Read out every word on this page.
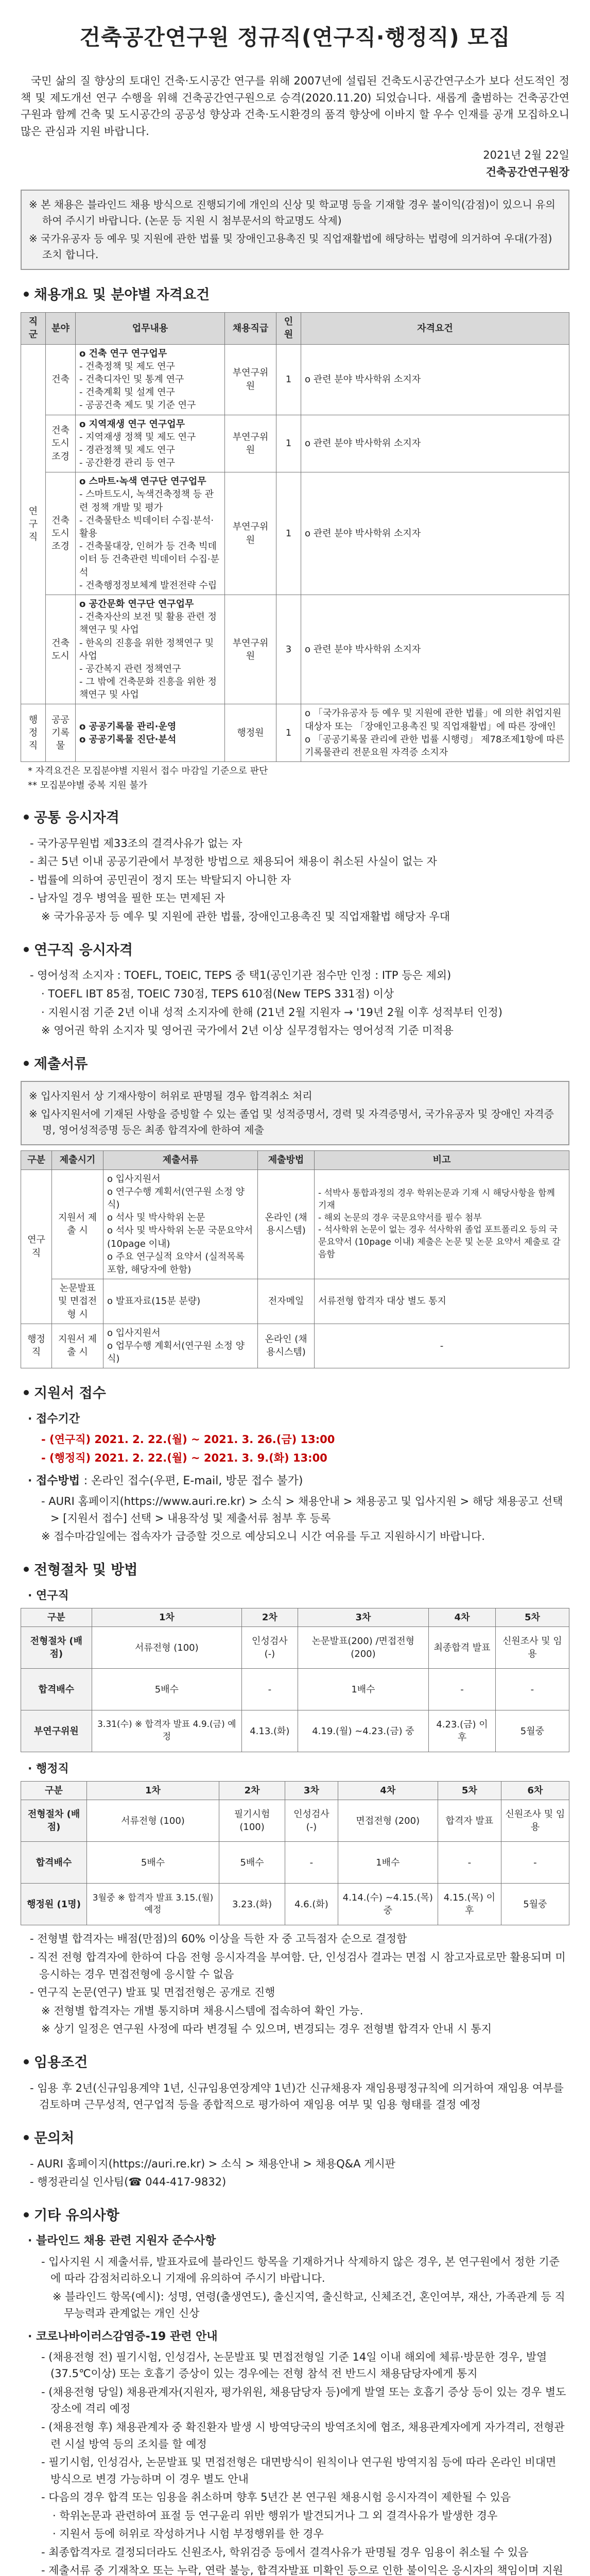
건축공간연구원 정규직(연구직·행정직) 모집

국민 삶의 질 향상의 토대인 건축·도시공간 연구를 위해 2007년에 설립된 건축도시공간연구소가 보다 선도적인 정책 및 제도개선 연구 수행을 위해 건축공간연구원으로 승격(2020.11.20) 되었습니다. 새롭게 출범하는 건축공간연구원과 함께 건축 및 도시공간의 공공성 향상과 건축·도시환경의 품격 향상에 이바지 할 우수 인재를 공개 모집하오니 많은 관심과 지원 바랍니다.

2021년 2월 22일

건축공간연구원장

※ 본 채용은 블라인드 채용 방식으로 진행되기에 개인의 신상 및 학교명 등을 기재할 경우 불이익(감점)이 있으니 유의하여 주시기 바랍니다. (논문 등 지원 시 첨부문서의 학교명도 삭제)

※ 국가유공자 등 예우 및 지원에 관한 법률 및 장애인고용촉진 및 직업재활법에 해당하는 법령에 의거하여 우대(가점)조치 합니다.

채용개요 및 분야별 자격요건
직군	분야	업무내용	채용직급	인원	자격요건
연구직	건축	o 건축 연구 연구업무
- 건축정책 및 제도 연구
- 건축디자인 및 통계 연구
- 건축계획 및 설계 연구
- 공공건축 제도 및 기준 연구	부연구위원	1	o 관련 분야 박사학위 소지자
	건축 도시 조경	o 지역재생 연구 연구업무
- 지역재생 정책 및 제도 연구
- 경관정책 및 제도 연구
- 공간환경 관리 등 연구	부연구위원	1	o 관련 분야 박사학위 소지자
	건축 도시 조경	o 스마트·녹색 연구단 연구업무
- 스마트도시, 녹색건축정책 등 관련 정책 개발 및 평가
- 건축물탄소 빅데이터 수집·분석·활용
- 건축물대장, 인허가 등 건축 빅데이터 등 건축관련 빅데이터 수집·분석
- 건축행정정보체계 발전전략 수립	부연구위원	1	o 관련 분야 박사학위 소지자
	건축 도시	o 공간문화 연구단 연구업무
- 건축자산의 보전 및 활용 관련 정책연구 및 사업
- 한옥의 진흥을 위한 정책연구 및 사업
- 공간복지 관련 정책연구
- 그 밖에 건축문화 진흥을 위한 정책연구 및 사업	부연구위원	3	o 관련 분야 박사학위 소지자
행정직	공공 기록물	o 공공기록물 관리·운영
o 공공기록물 진단·분석	행정원	1	o 「국가유공자 등 예우 및 지원에 관한 법률」에 의한 취업지원 대상자 또는 「장애인고용촉진 및 직업재활법」에 따른 장애인
o 「공공기록물 관리에 관한 법률 시행령」 제78조제1항에 따른 기록물관리 전문요원 자격증 소지자
* 자격요건은 모집분야별 지원서 접수 마감일 기준으로 판단
** 모집분야별 중복 지원 불가
공통 응시자격
- 국가공무원법 제33조의 결격사유가 없는 자
- 최근 5년 이내 공공기관에서 부정한 방법으로 채용되어 채용이 취소된 사실이 없는 자
- 법률에 의하여 공민권이 정지 또는 박탈되지 아니한 자
- 남자일 경우 병역을 필한 또는 면제된 자
※ 국가유공자 등 예우 및 지원에 관한 법률, 장애인고용촉진 및 직업재활법 해당자 우대
연구직 응시자격
- 영어성적 소지자 : TOEFL, TOEIC, TEPS 중 택1(공인기관 점수만 인정 : ITP 등은 제외)
· TOEFL IBT 85점, TOEIC 730점, TEPS 610점(New TEPS 331점) 이상
· 지원시점 기준 2년 이내 성적 소지자에 한해 (21년 2월 지원자 → '19년 2월 이후 성적부터 인정)
※ 영어권 학위 소지자 및 영어권 국가에서 2년 이상 실무경험자는 영어성적 기준 미적용
제출서류

※ 입사지원서 상 기재사항이 허위로 판명될 경우 합격취소 처리

※ 입사지원서에 기재된 사항을 증빙할 수 있는 졸업 및 성적증명서, 경력 및 자격증명서, 국가유공자 및 장애인 자격증명, 영어성적증명 등은 최종 합격자에 한하여 제출

구분	제출시기	제출서류	제출방법	비고
연구직	지원서 제출 시	o 입사지원서
o 연구수행 계획서(연구원 소정 양식)
o 석사 및 박사학위 논문
o 석사 및 박사학위 논문 국문요약서 (10page 이내)
o 주요 연구실적 요약서 (실적목록 포함, 해당자에 한함)	온라인 (채용시스템)	- 석박사 통합과정의 경우 학위논문과 기재 시 해당사항을 함께 기재
- 해외 논문의 경우 국문요약서를 필수 첨부
- 석사학위 논문이 없는 경우 석사학위 졸업 포트폴리오 등의 국문요약서 (10page 이내) 제출은 논문 및 논문 요약서 제출로 갈음함
	논문발표 및 면접전형 시	o 발표자료(15분 분량)	전자메일	서류전형 합격자 대상 별도 통지
행정직	지원서 제출 시	o 입사지원서
o 업무수행 계획서(연구원 소정 양식)	온라인 (채용시스템)	-
지원서 접수
· 접수기간
- (연구직) 2021. 2. 22.(월) ~ 2021. 3. 26.(금) 13:00
- (행정직) 2021. 2. 22.(월) ~ 2021. 3. 9.(화) 13:00
· 접수방법 : 온라인 접수(우편, E-mail, 방문 접수 불가)
- AURI 홈페이지(https://www.auri.re.kr) > 소식 > 채용안내 > 채용공고 및 입사지원 > 해당 채용공고 선택 > [지원서 접수] 선택 > 내용작성 및 제출서류 첨부 후 등록
※ 접수마감일에는 접속자가 급증할 것으로 예상되오니 시간 여유를 두고 지원하시기 바랍니다.
전형절차 및 방법
· 연구직
구분	1차	2차	3차	4차	5차
전형절차 (배점)	서류전형 (100)	인성검사 (-)	논문발표(200) /면접전형(200)	최종합격 발표	신원조사 및 임용
합격배수	5배수	-	1배수	-	-
부연구위원	3.31(수) ※ 합격자 발표 4.9.(금) 예정	4.13.(화)	4.19.(월) ~4.23.(금) 중	4.23.(금) 이후	5월중
· 행정직
구분	1차	2차	3차	4차	5차	6차
전형절차 (배점)	서류전형 (100)	필기시험 (100)	인성검사 (-)	면접전형 (200)	합격자 발표	신원조사 및 임용
합격배수	5배수	5배수	-	1배수	-	-
행정원 (1명)	3월중 ※ 합격자 발표 3.15.(월) 예정	3.23.(화)	4.6.(화)	4.14.(수) ~4.15.(목) 중	4.15.(목) 이후	5월중
- 전형별 합격자는 배점(만점)의 60% 이상을 득한 자 중 고득점자 순으로 결정함
- 직전 전형 합격자에 한하여 다음 전형 응시자격을 부여함. 단, 인성검사 결과는 면접 시 참고자료로만 활용되며 미 응시하는 경우 면접전형에 응시할 수 없음
- 연구직 논문(연구) 발표 및 면접전형은 공개로 진행
※ 전형별 합격자는 개별 통지하며 채용시스템에 접속하여 확인 가능.
※ 상기 일정은 연구원 사정에 따라 변경될 수 있으며, 변경되는 경우 전형별 합격자 안내 시 통지
임용조건
- 임용 후 2년(신규임용계약 1년, 신규임용연장계약 1년)간 신규채용자 재임용평정규칙에 의거하여 재임용 여부를 검토하며 근무성적, 연구업적 등을 종합적으로 평가하여 재임용 여부 및 임용 형태를 결정 예정
문의처
- AURI 홈페이지(https://auri.re.kr) > 소식 > 채용안내 > 채용Q&A 게시판
- 행정관리실 인사팀(☎ 044-417-9832)
기타 유의사항
· 블라인드 채용 관련 지원자 준수사항
- 입사지원 시 제출서류, 발표자료에 블라인드 항목을 기재하거나 삭제하지 않은 경우, 본 연구원에서 정한 기준에 따라 감점처리하오니 기재에 유의하여 주시기 바랍니다.
※ 블라인드 항목(예시): 성명, 연령(출생연도), 출신지역, 출신학교, 신체조건, 혼인여부, 재산, 가족관계 등 직무능력과 관계없는 개인 신상
· 코로나바이러스감염증-19 관련 안내
- (채용전형 전) 필기시험, 인성검사, 논문발표 및 면접전형일 기준 14일 이내 해외에 체류·방문한 경우, 발열(37.5℃이상) 또는 호흡기 증상이 있는 경우에는 전형 참석 전 반드시 채용담당자에게 통지
- (채용전형 당일) 채용관계자(지원자, 평가위원, 채용담당자 등)에게 발열 또는 호흡기 증상 등이 있는 경우 별도장소에 격리 예정
- (채용전형 후) 채용관계자 중 확진환자 발생 시 방역당국의 방역조치에 협조, 채용관계자에게 자가격리, 전형관련 시설 방역 등의 조치를 할 예정
- 필기시험, 인성검사, 논문발표 및 면접전형은 대면방식이 원칙이나 연구원 방역지침 등에 따라 온라인 비대면 방식으로 변경 가능하며 이 경우 별도 안내
- 다음의 경우 합격 또는 임용을 취소하며 향후 5년간 본 연구원 채용시험 응시자격이 제한될 수 있음
· 학위논문과 관련하여 표절 등 연구윤리 위반 행위가 발견되거나 그 외 결격사유가 발생한 경우
· 지원서 등에 허위로 작성하거나 시험 부정행위를 한 경우
- 최종합격자로 결정되더라도 신원조사, 학위검증 등에서 결격사유가 판명될 경우 임용이 취소될 수 있음
- 제출서류 중 기재착오 또는 누락, 연락 불능, 합격자발표 미확인 등으로 인한 불이익은 응시자의 책임이며 지원
